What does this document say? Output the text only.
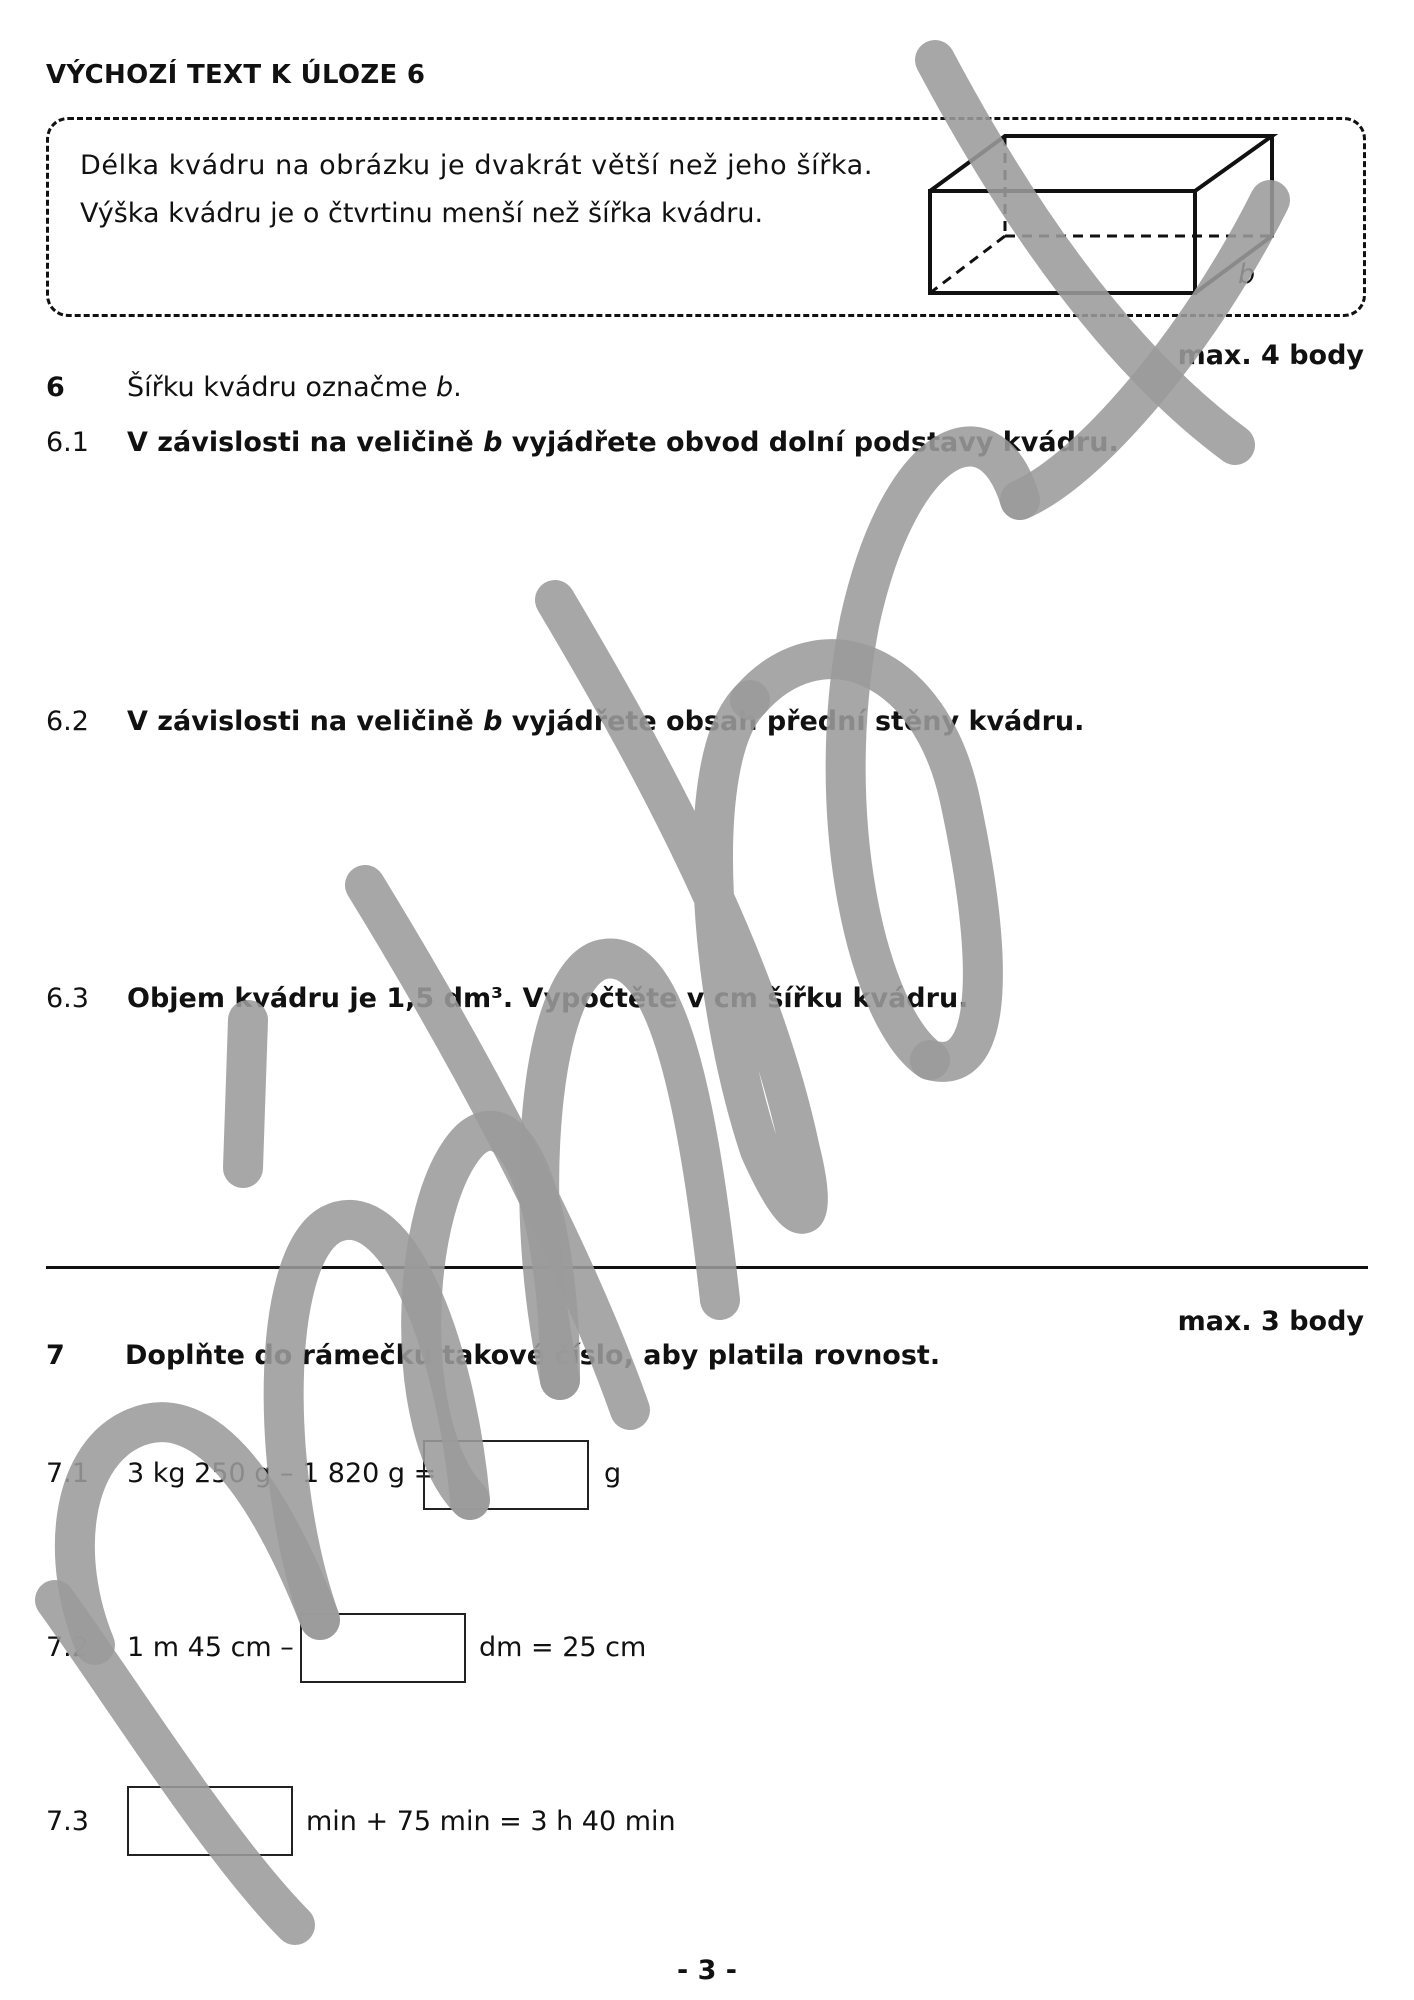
VÝCHOZÍ TEXT K ÚLOZE 6
Délka kvádru na obrázku je dvakrát větší než jeho šířka.
Výška kvádru je o čtvrtinu menší než šířka kvádru.
b
max. 4 body
6 Šířku kvádru označme b.
6.1 V závislosti na veličině b vyjádřete obvod dolní podstavy kvádru.
6.2 V závislosti na veličině b vyjádřete obsah přední stěny kvádru.
6.3 Objem kvádru je 1,5 dm³. Vypočtěte v cm šířku kvádru.
max. 3 body
7 Doplňte do rámečku takové číslo, aby platila rovnost.
7.1 3 kg 250 g – 1 820 g =	g
7.2 1 m 45 cm –	dm = 25 cm
7.3	min + 75 min = 3 h 40 min
- 3 -
